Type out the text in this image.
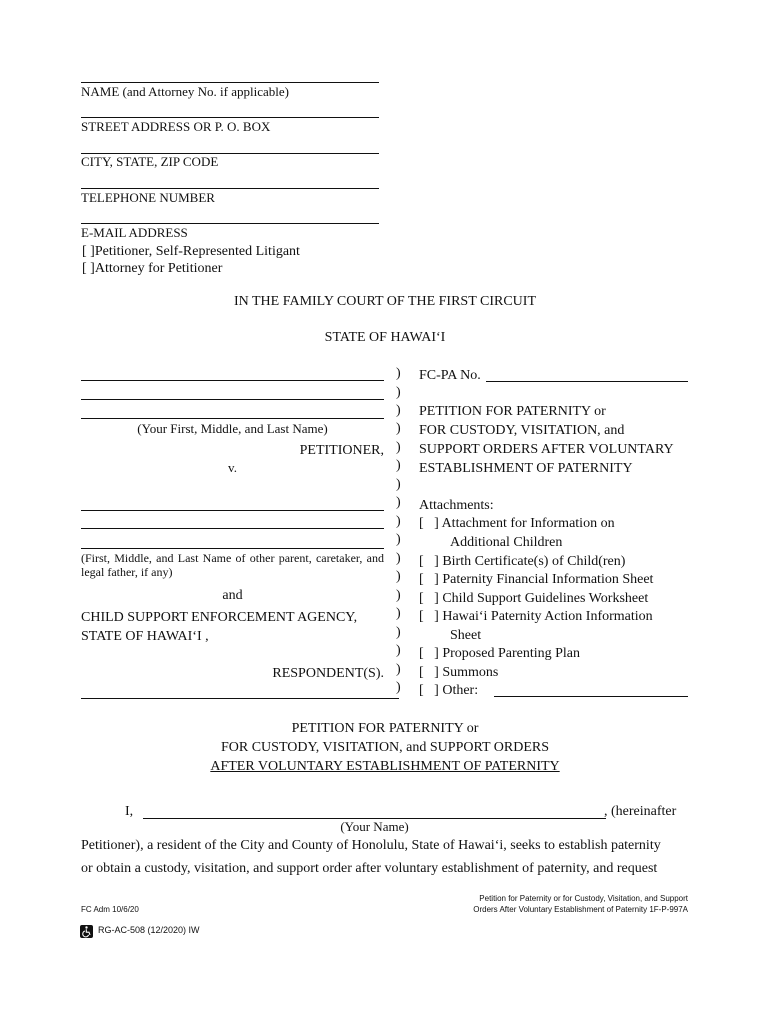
NAME (and Attorney No. if applicable)
STREET ADDRESS OR P. O. BOX
CITY, STATE, ZIP CODE
TELEPHONE NUMBER
E-MAIL ADDRESS
[ ]Petitioner, Self-Represented Litigant
[ ]Attorney for Petitioner
IN THE FAMILY COURT OF THE FIRST CIRCUIT
STATE OF HAWAI‘I
(Your First, Middle, and Last Name)
PETITIONER,
v.
(First, Middle, and Last Name of other parent, caretaker, and legal father, if any)
and
CHILD SUPPORT ENFORCEMENT AGENCY,
STATE OF HAWAI‘I ,
RESPONDENT(S).
)
)
)
)
)
)
)
)
)
)
)
)
)
)
)
)
)
)
FC-PA No.
PETITION FOR PATERNITY or
FOR CUSTODY, VISITATION, and
SUPPORT ORDERS AFTER VOLUNTARY
ESTABLISHMENT OF PATERNITY
Attachments:
[   ] Attachment for Information on
Additional Children
[   ] Birth Certificate(s) of Child(ren)
[   ] Paternity Financial Information Sheet
[   ] Child Support Guidelines Worksheet
[   ] Hawai‘i Paternity Action Information
Sheet
[   ] Proposed Parenting Plan
[   ] Summons
[   ] Other:
PETITION FOR PATERNITY or
FOR CUSTODY, VISITATION, and SUPPORT ORDERS
AFTER VOLUNTARY ESTABLISHMENT OF PATERNITY
I,	, (hereinafter
(Your Name)
Petitioner), a resident of the City and County of Honolulu, State of Hawai‘i, seeks to establish paternity
or obtain a custody, visitation, and support order after voluntary establishment of paternity, and request
FC Adm 10/6/20
Petition for Paternity or for Custody, Visitation, and Support
Orders After Voluntary Establishment of Paternity 1F-P-997A
RG-AC-508 (12/2020) IW
